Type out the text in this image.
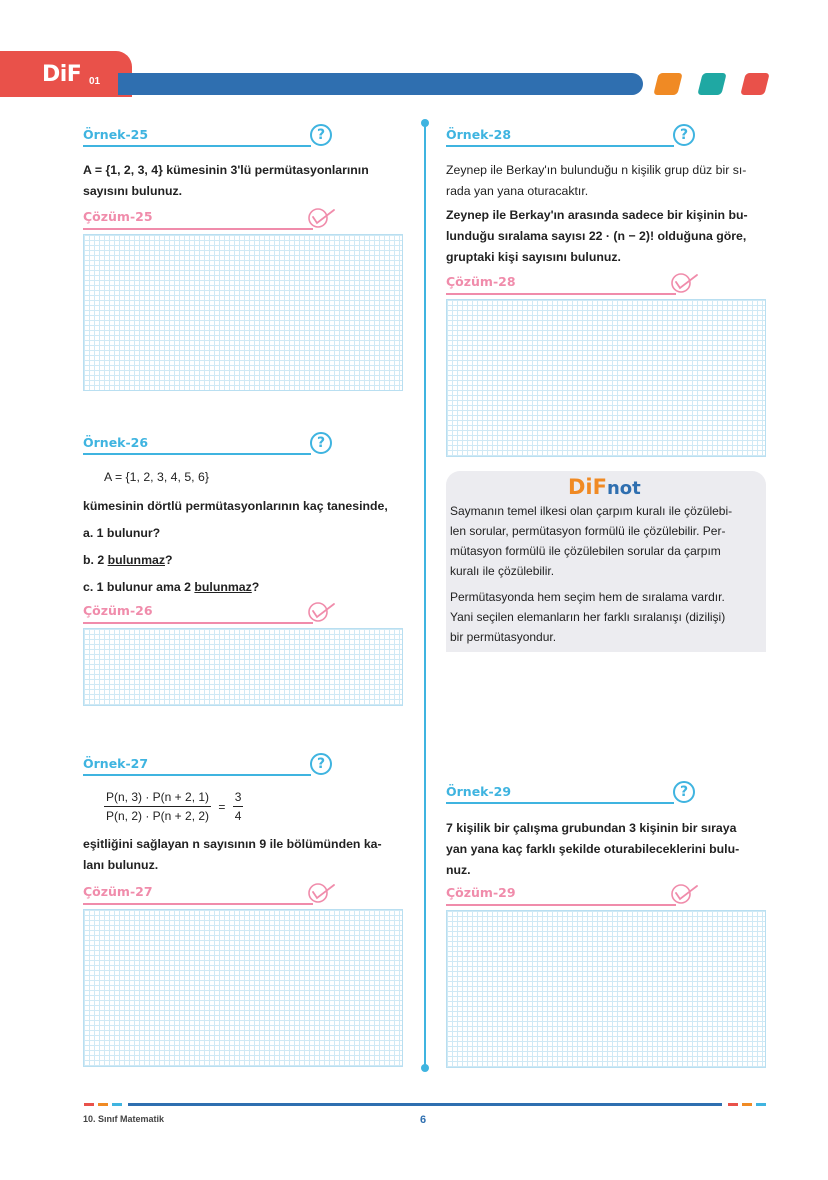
DiF 01
Örnek-25	?
A = {1, 2, 3, 4} kümesinin 3'lü permütasyonlarının
sayısını bulunuz.
Çözüm-25
Örnek-26	?
A = {1, 2, 3, 4, 5, 6}
kümesinin dörtlü permütasyonlarının kaç tanesinde,
a. 1 bulunur?
b. 2 bulunmaz?
c. 1 bulunur ama 2 bulunmaz?
Çözüm-26
Örnek-27	?
$\frac{P(n, 3) \cdot P(n + 2, 1)}{P(n, 2) \cdot P(n + 2, 2)} = \frac{3}{4}$
eşitliğini sağlayan n sayısının 9 ile bölümünden ka-
lanı bulunuz.
Çözüm-27
Örnek-28	?
Zeynep ile Berkay'ın bulunduğu n kişilik grup düz bir sı-
rada yan yana oturacaktır.
Zeynep ile Berkay'ın arasında sadece bir kişinin bu-
lunduğu sıralama sayısı 22 · (n − 2)! olduğuna göre,
gruptaki kişi sayısını bulunuz.
Çözüm-28
DiFnot
Saymanın temel ilkesi olan çarpım kuralı ile çözülebi-
len sorular, permütasyon formülü ile çözülebilir. Per-
mütasyon formülü ile çözülebilen sorular da çarpım
kuralı ile çözülebilir.
Permütasyonda hem seçim hem de sıralama vardır.
Yani seçilen elemanların her farklı sıralanışı (dizilişi)
bir permütasyondur.
Örnek-29	?
7 kişilik bir çalışma grubundan 3 kişinin bir sıraya
yan yana kaç farklı şekilde oturabileceklerini bulu-
nuz.
Çözüm-29
10. Sınıf Matematik	6
